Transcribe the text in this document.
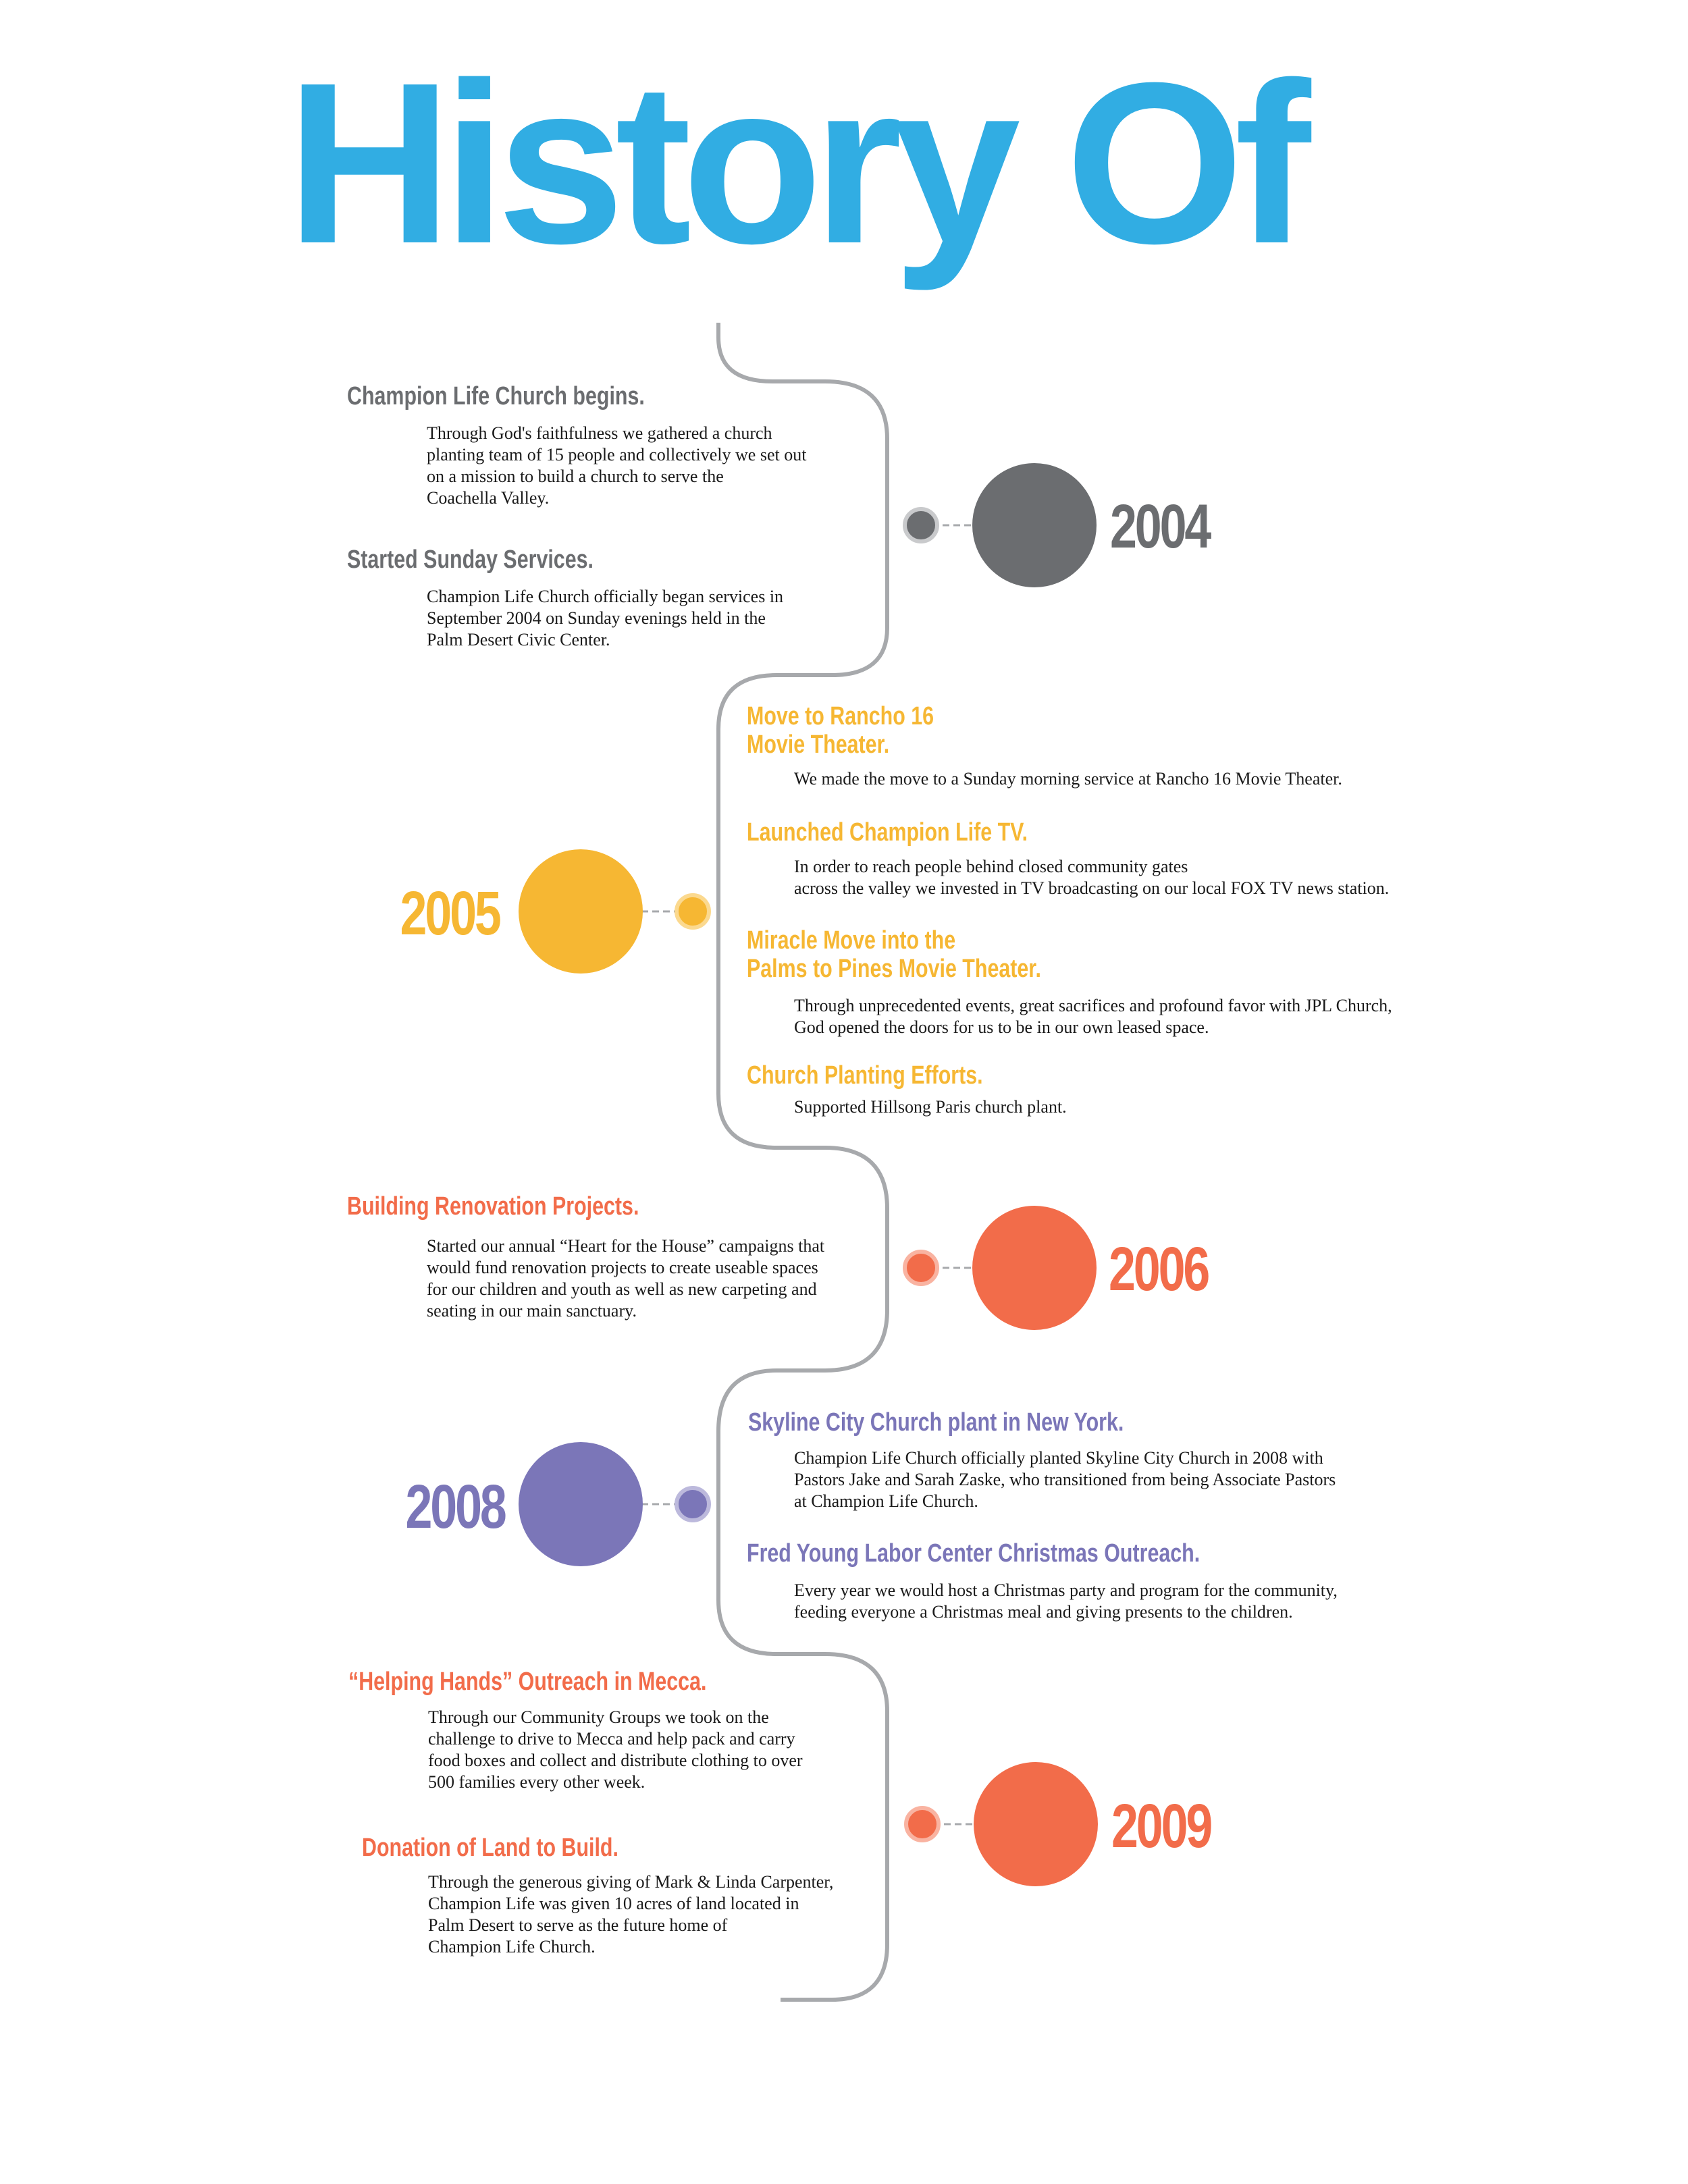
History Of
2004
Champion Life Church begins.
Through God's faithfulness we gathered a church
planting team of 15 people and collectively we set out
on a mission to build a church to serve the
Coachella Valley.
Started Sunday Services.
Champion Life Church officially began services in
September 2004 on Sunday evenings held in the
Palm Desert Civic Center.
2005
Move to Rancho 16
Movie Theater.
We made the move to a Sunday morning service at Rancho 16 Movie Theater.
Launched Champion Life TV.
In order to reach people behind closed community gates
across the valley we invested in TV broadcasting on our local FOX TV news station.
Miracle Move into the
Palms to Pines Movie Theater.
Through unprecedented events, great sacrifices and profound favor with JPL Church,
God opened the doors for us to be in our own leased space.
Church Planting Efforts.
Supported Hillsong Paris church plant.
2006
Building Renovation Projects.
Started our annual “Heart for the House” campaigns that
would fund renovation projects to create useable spaces
for our children and youth as well as new carpeting and
seating in our main sanctuary.
2008
Skyline City Church plant in New York.
Champion Life Church officially planted Skyline City Church in 2008 with
Pastors Jake and Sarah Zaske, who transitioned from being Associate Pastors
at Champion Life Church.
Fred Young Labor Center Christmas Outreach.
Every year we would host a Christmas party and program for the community,
feeding everyone a Christmas meal and giving presents to the children.
2009
“Helping Hands” Outreach in Mecca.
Through our Community Groups we took on the
challenge to drive to Mecca and help pack and carry
food boxes and collect and distribute clothing to over
500 families every other week.
Donation of Land to Build.
Through the generous giving of Mark & Linda Carpenter,
Champion Life was given 10 acres of land located in
Palm Desert to serve as the future home of
Champion Life Church.
